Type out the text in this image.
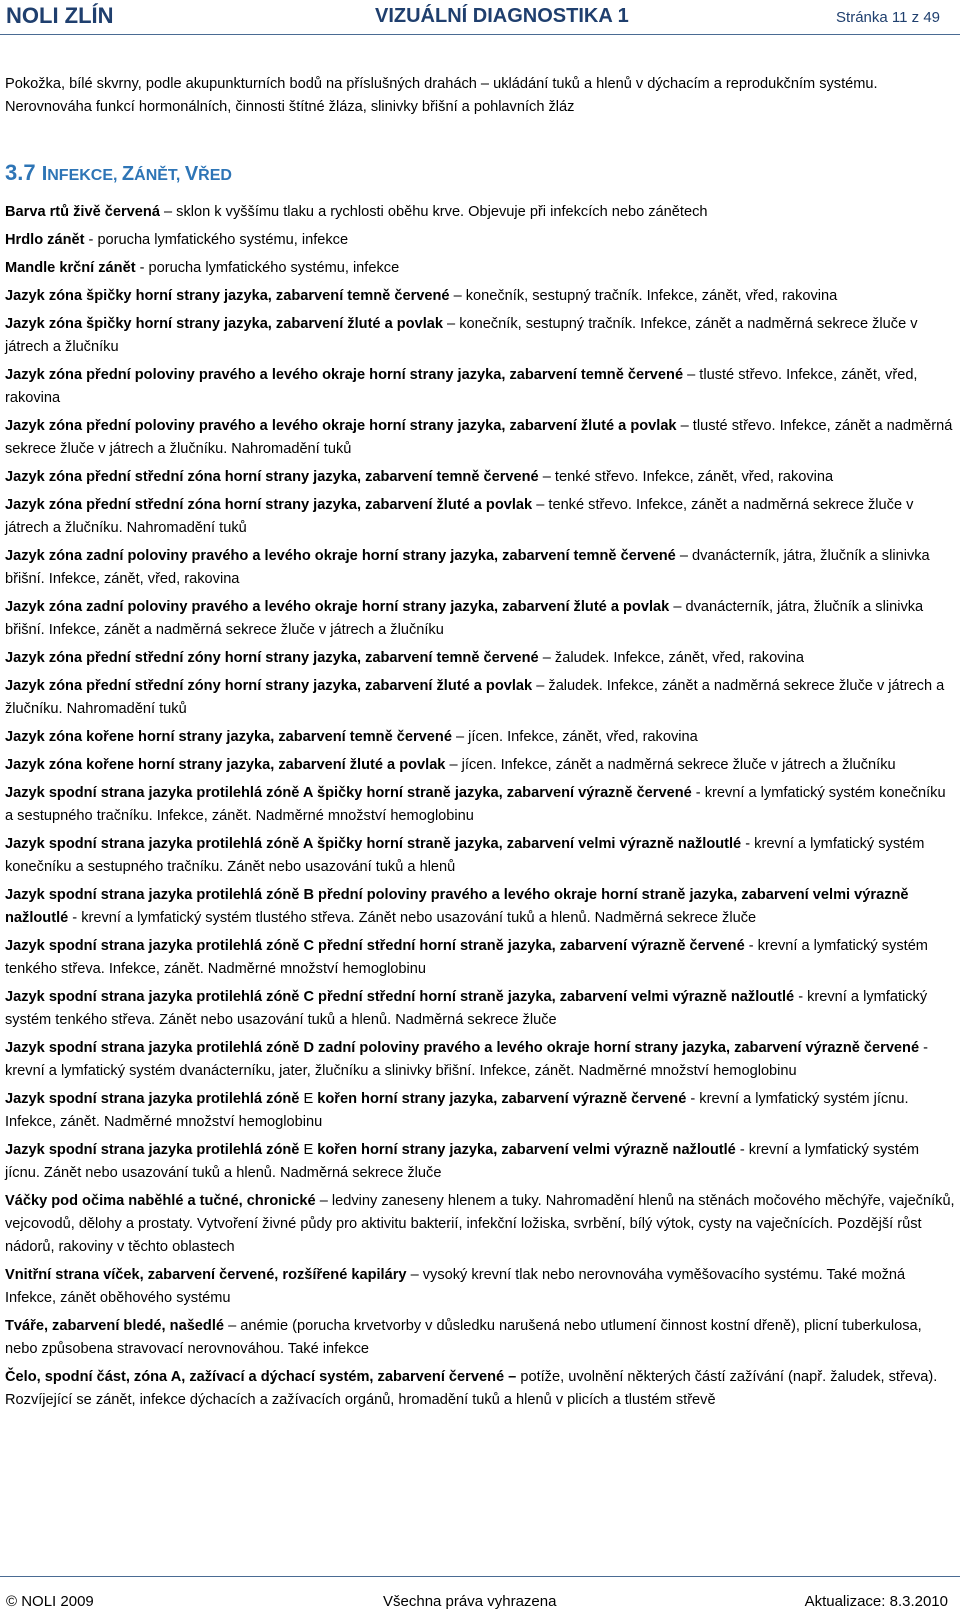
NOLI ZLÍN	VIZUÁLNÍ DIAGNOSTIKA 1	Stránka 11 z 49

Pokožka, bílé skvrny, podle akupunkturních bodů na příslušných drahách – ukládání tuků a hlenů v dýchacím a reprodukčním systému. Nerovnováha funkcí hormonálních, činnosti štítné žláza, slinivky břišní a pohlavních žláz

3.7 INFEKCE, ZÁNĚT, VŘED

Barva rtů živě červená – sklon k vyššímu tlaku a rychlosti oběhu krve. Objevuje při infekcích nebo zánětech

Hrdlo zánět - porucha lymfatického systému, infekce

Mandle krční zánět - porucha lymfatického systému, infekce

Jazyk zóna špičky horní strany jazyka, zabarvení temně červené – konečník, sestupný tračník. Infekce, zánět, vřed, rakovina

Jazyk zóna špičky horní strany jazyka, zabarvení žluté a povlak – konečník, sestupný tračník. Infekce, zánět a nadměrná sekrece žluče v játrech a žlučníku

Jazyk zóna přední poloviny pravého a levého okraje horní strany jazyka, zabarvení temně červené – tlusté střevo. Infekce, zánět, vřed, rakovina

Jazyk zóna přední poloviny pravého a levého okraje horní strany jazyka, zabarvení žluté a povlak – tlusté střevo. Infekce, zánět a nadměrná sekrece žluče v játrech a žlučníku. Nahromadění tuků

Jazyk zóna přední střední zóna horní strany jazyka, zabarvení temně červené – tenké střevo. Infekce, zánět, vřed, rakovina

Jazyk zóna přední střední zóna horní strany jazyka, zabarvení žluté a povlak – tenké střevo. Infekce, zánět a nadměrná sekrece žluče v játrech a žlučníku. Nahromadění tuků

Jazyk zóna zadní poloviny pravého a levého okraje horní strany jazyka, zabarvení temně červené – dvanácterník, játra, žlučník a slinivka břišní. Infekce, zánět, vřed, rakovina

Jazyk zóna zadní poloviny pravého a levého okraje horní strany jazyka, zabarvení žluté a povlak – dvanácterník, játra, žlučník a slinivka břišní. Infekce, zánět a nadměrná sekrece žluče v játrech a žlučníku

Jazyk zóna přední střední zóny horní strany jazyka, zabarvení temně červené – žaludek. Infekce, zánět, vřed, rakovina

Jazyk zóna přední střední zóny horní strany jazyka, zabarvení žluté a povlak – žaludek. Infekce, zánět a nadměrná sekrece žluče v játrech a žlučníku. Nahromadění tuků

Jazyk zóna kořene horní strany jazyka, zabarvení temně červené – jícen. Infekce, zánět, vřed, rakovina

Jazyk zóna kořene horní strany jazyka, zabarvení žluté a povlak – jícen. Infekce, zánět a nadměrná sekrece žluče v játrech a žlučníku

Jazyk spodní strana jazyka protilehlá zóně A špičky horní straně jazyka, zabarvení výrazně červené - krevní a lymfatický systém konečníku a sestupného tračníku. Infekce, zánět. Nadměrné množství hemoglobinu

Jazyk spodní strana jazyka protilehlá zóně A špičky horní straně jazyka, zabarvení velmi výrazně nažloutlé - krevní a lymfatický systém konečníku a sestupného tračníku. Zánět nebo usazování tuků a hlenů

Jazyk spodní strana jazyka protilehlá zóně B přední poloviny pravého a levého okraje horní straně jazyka, zabarvení velmi výrazně nažloutlé - krevní a lymfatický systém tlustého střeva. Zánět nebo usazování tuků a hlenů. Nadměrná sekrece žluče

Jazyk spodní strana jazyka protilehlá zóně C přední střední horní straně jazyka, zabarvení výrazně červené - krevní a lymfatický systém tenkého střeva. Infekce, zánět. Nadměrné množství hemoglobinu

Jazyk spodní strana jazyka protilehlá zóně C přední střední horní straně jazyka, zabarvení velmi výrazně nažloutlé - krevní a lymfatický systém tenkého střeva. Zánět nebo usazování tuků a hlenů. Nadměrná sekrece žluče

Jazyk spodní strana jazyka protilehlá zóně D zadní poloviny pravého a levého okraje horní strany jazyka, zabarvení výrazně červené - krevní a lymfatický systém dvanácterníku, jater, žlučníku a slinivky břišní. Infekce, zánět. Nadměrné množství hemoglobinu

Jazyk spodní strana jazyka protilehlá zóně E kořen horní strany jazyka, zabarvení výrazně červené - krevní a lymfatický systém jícnu. Infekce, zánět. Nadměrné množství hemoglobinu

Jazyk spodní strana jazyka protilehlá zóně E kořen horní strany jazyka, zabarvení velmi výrazně nažloutlé - krevní a lymfatický systém jícnu. Zánět nebo usazování tuků a hlenů. Nadměrná sekrece žluče

Váčky pod očima naběhlé a tučné, chronické – ledviny zaneseny hlenem a tuky. Nahromadění hlenů na stěnách močového měchýře, vaječníků, vejcovodů, dělohy a prostaty. Vytvoření živné půdy pro aktivitu bakterií, infekční ložiska, svrbění, bílý výtok, cysty na vaječnících. Pozdější růst nádorů, rakoviny v těchto oblastech

Vnitřní strana víček, zabarvení červené, rozšířené kapiláry – vysoký krevní tlak nebo nerovnováha vyměšovacího systému. Také možná Infekce, zánět oběhového systému

Tváře, zabarvení bledé, našedlé – anémie (porucha krvetvorby v důsledku narušená nebo utlumení činnost kostní dřeně), plicní tuberkulosa, nebo způsobena stravovací nerovnováhou. Také infekce

Čelo, spodní část, zóna A, zažívací a dýchací systém, zabarvení červené – potíže, uvolnění některých částí zažívání (např. žaludek, střeva). Rozvíjející se zánět, infekce dýchacích a zažívacích orgánů, hromadění tuků a hlenů v plicích a tlustém střevě

© NOLI 2009	Všechna práva vyhrazena	Aktualizace: 8.3.2010
